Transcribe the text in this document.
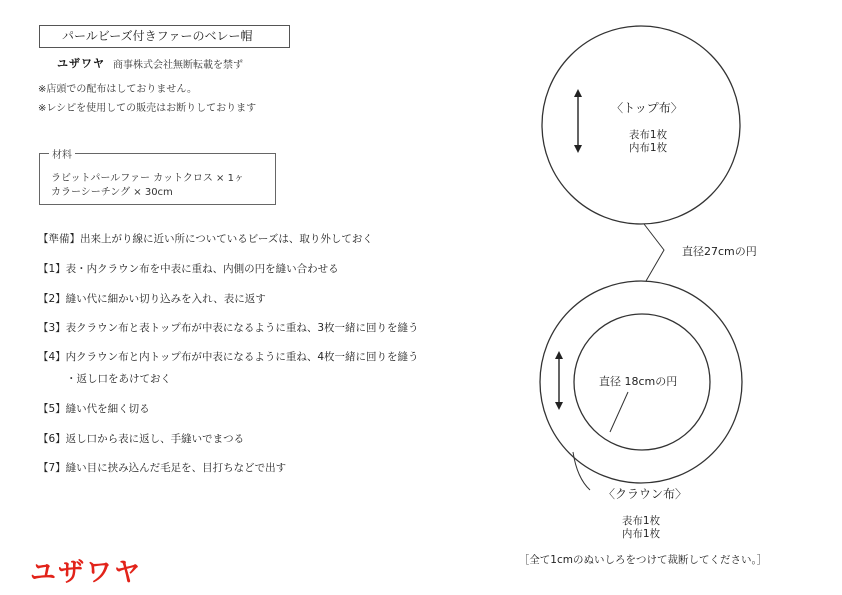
パールビーズ付きファーのベレー帽
ユザワヤ 商事株式会社無断転載を禁ず
※店頭での配布はしておりません。
※レシピを使用しての販売はお断りしております
材料
ラビットパールファー カットクロス × 1ヶ
カラーシーチング × 30cm
【準備】出来上がり線に近い所についているビーズは、取り外しておく
【1】表・内クラウン布を中表に重ね、内側の円を縫い合わせる
【2】縫い代に細かい切り込みを入れ、表に返す
【3】表クラウン布と表トップ布が中表になるように重ね、3枚一緒に回りを縫う
【4】内クラウン布と内トップ布が中表になるように重ね、4枚一緒に回りを縫う
・返し口をあけておく
【5】縫い代を細く切る
【6】返し口から表に返し、手縫いでまつる
【7】縫い目に挟み込んだ毛足を、目打ちなどで出す
〈トップ布〉
表布1枚
内布1枚
直径27cmの円
直径 18cmの円
〈クラウン布〉
表布1枚
内布1枚
［全て1cmのぬいしろをつけて裁断してください。］
ユザワヤ
